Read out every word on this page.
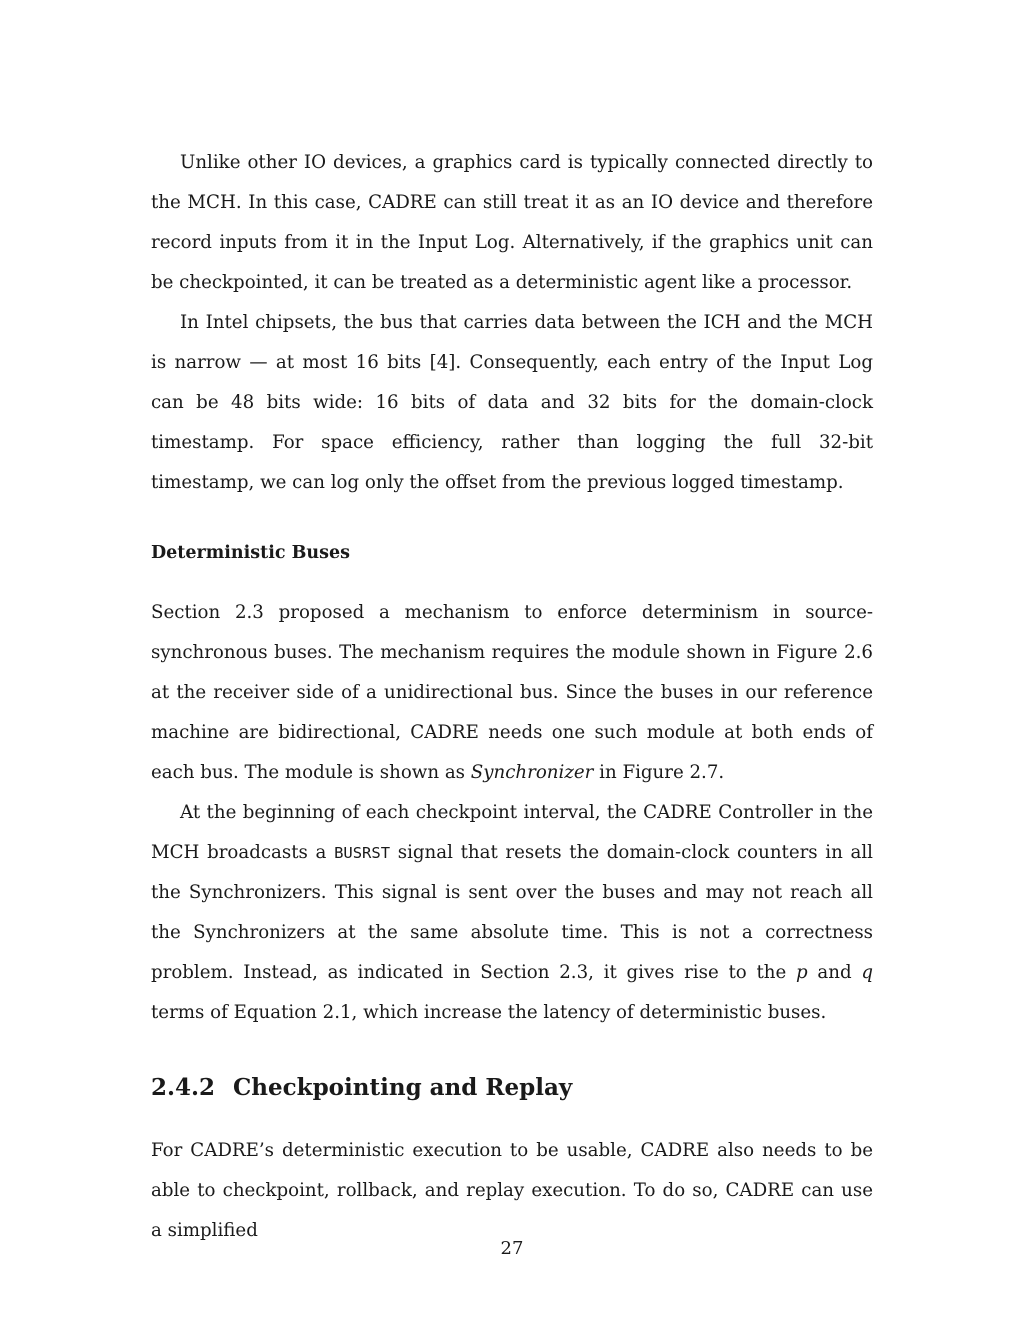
Unlike other IO devices, a graphics card is typically connected directly to the MCH. In this case, CADRE can still treat it as an IO device and therefore record inputs from it in the Input Log. Alternatively, if the graphics unit can be checkpointed, it can be treated as a deterministic agent like a processor.

In Intel chipsets, the bus that carries data between the ICH and the MCH is narrow — at most 16 bits [4]. Consequently, each entry of the Input Log can be 48 bits wide: 16 bits of data and 32 bits for the domain-clock timestamp. For space efficiency, rather than logging the full 32-bit timestamp, we can log only the offset from the previous logged timestamp.

Deterministic Buses

Section 2.3 proposed a mechanism to enforce determinism in source-synchronous buses. The mechanism requires the module shown in Figure 2.6 at the receiver side of a unidirectional bus. Since the buses in our reference machine are bidirectional, CADRE needs one such module at both ends of each bus. The module is shown as Synchronizer in Figure 2.7.

At the beginning of each checkpoint interval, the CADRE Controller in the MCH broadcasts a BUSRST signal that resets the domain-clock counters in all the Synchronizers. This signal is sent over the buses and may not reach all the Synchronizers at the same absolute time. This is not a correctness problem. Instead, as indicated in Section 2.3, it gives rise to the p and q terms of Equation 2.1, which increase the latency of deterministic buses.

2.4.2 Checkpointing and Replay

For CADRE’s deterministic execution to be usable, CADRE also needs to be able to checkpoint, rollback, and replay execution. To do so, CADRE can use a simplified

27
